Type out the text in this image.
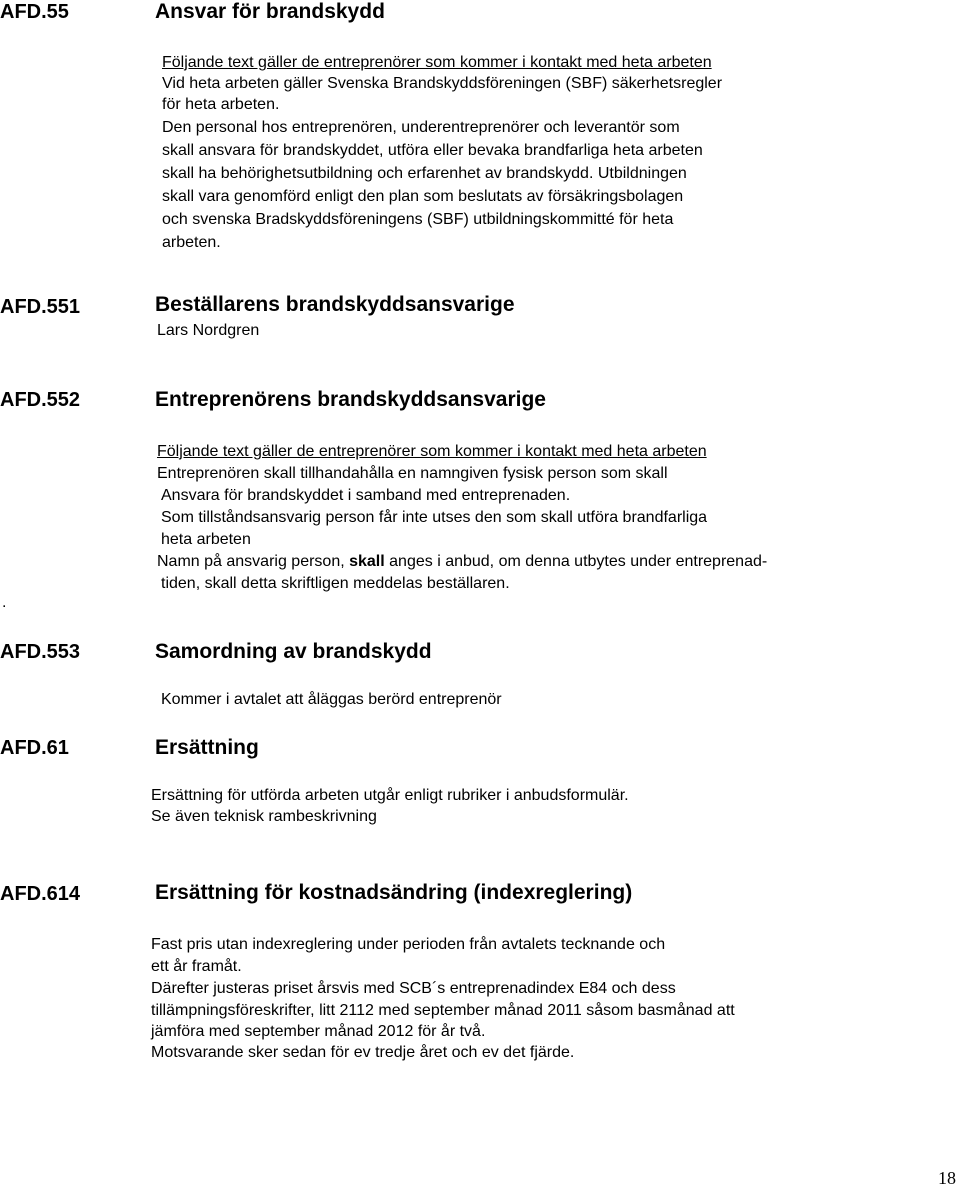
AFD.55	Ansvar för brandskydd
Följande text gäller de entreprenörer som kommer i kontakt med heta arbeten
Vid heta arbeten gäller Svenska Brandskyddsföreningen (SBF) säkerhetsregler
för heta arbeten.
Den personal hos entreprenören, underentreprenörer och leverantör som
skall ansvara för brandskyddet, utföra eller bevaka brandfarliga heta arbeten
skall ha behörighetsutbildning och erfarenhet av brandskydd. Utbildningen
skall vara genomförd enligt den plan som beslutats av försäkringsbolagen
och svenska Bradskyddsföreningens (SBF) utbildningskommitté för heta
arbeten.
AFD.551	Beställarens brandskyddsansvarige
Lars Nordgren
AFD.552	Entreprenörens brandskyddsansvarige
Följande text gäller de entreprenörer som kommer i kontakt med heta arbeten
Entreprenören skall tillhandahålla en namngiven fysisk person som skall
Ansvara för brandskyddet i samband med entreprenaden.
Som tillståndsansvarig person får inte utses den som skall utföra brandfarliga
heta arbeten
Namn på ansvarig person, skall anges i anbud, om denna utbytes under entreprenad-
tiden, skall detta skriftligen meddelas beställaren.
.
AFD.553	Samordning av brandskydd
Kommer i avtalet att åläggas berörd entreprenör
AFD.61	Ersättning
Ersättning för utförda arbeten utgår enligt rubriker i anbudsformulär.
Se även teknisk rambeskrivning
AFD.614	Ersättning för kostnadsändring (indexreglering)
Fast pris utan indexreglering under perioden från avtalets tecknande och
ett år framåt.
Därefter justeras priset årsvis med SCB´s entreprenadindex E84 och dess
tillämpningsföreskrifter, litt 2112 med september månad 2011 såsom basmånad att
jämföra med september månad 2012 för år två.
Motsvarande sker sedan för ev tredje året och ev det fjärde.
18
